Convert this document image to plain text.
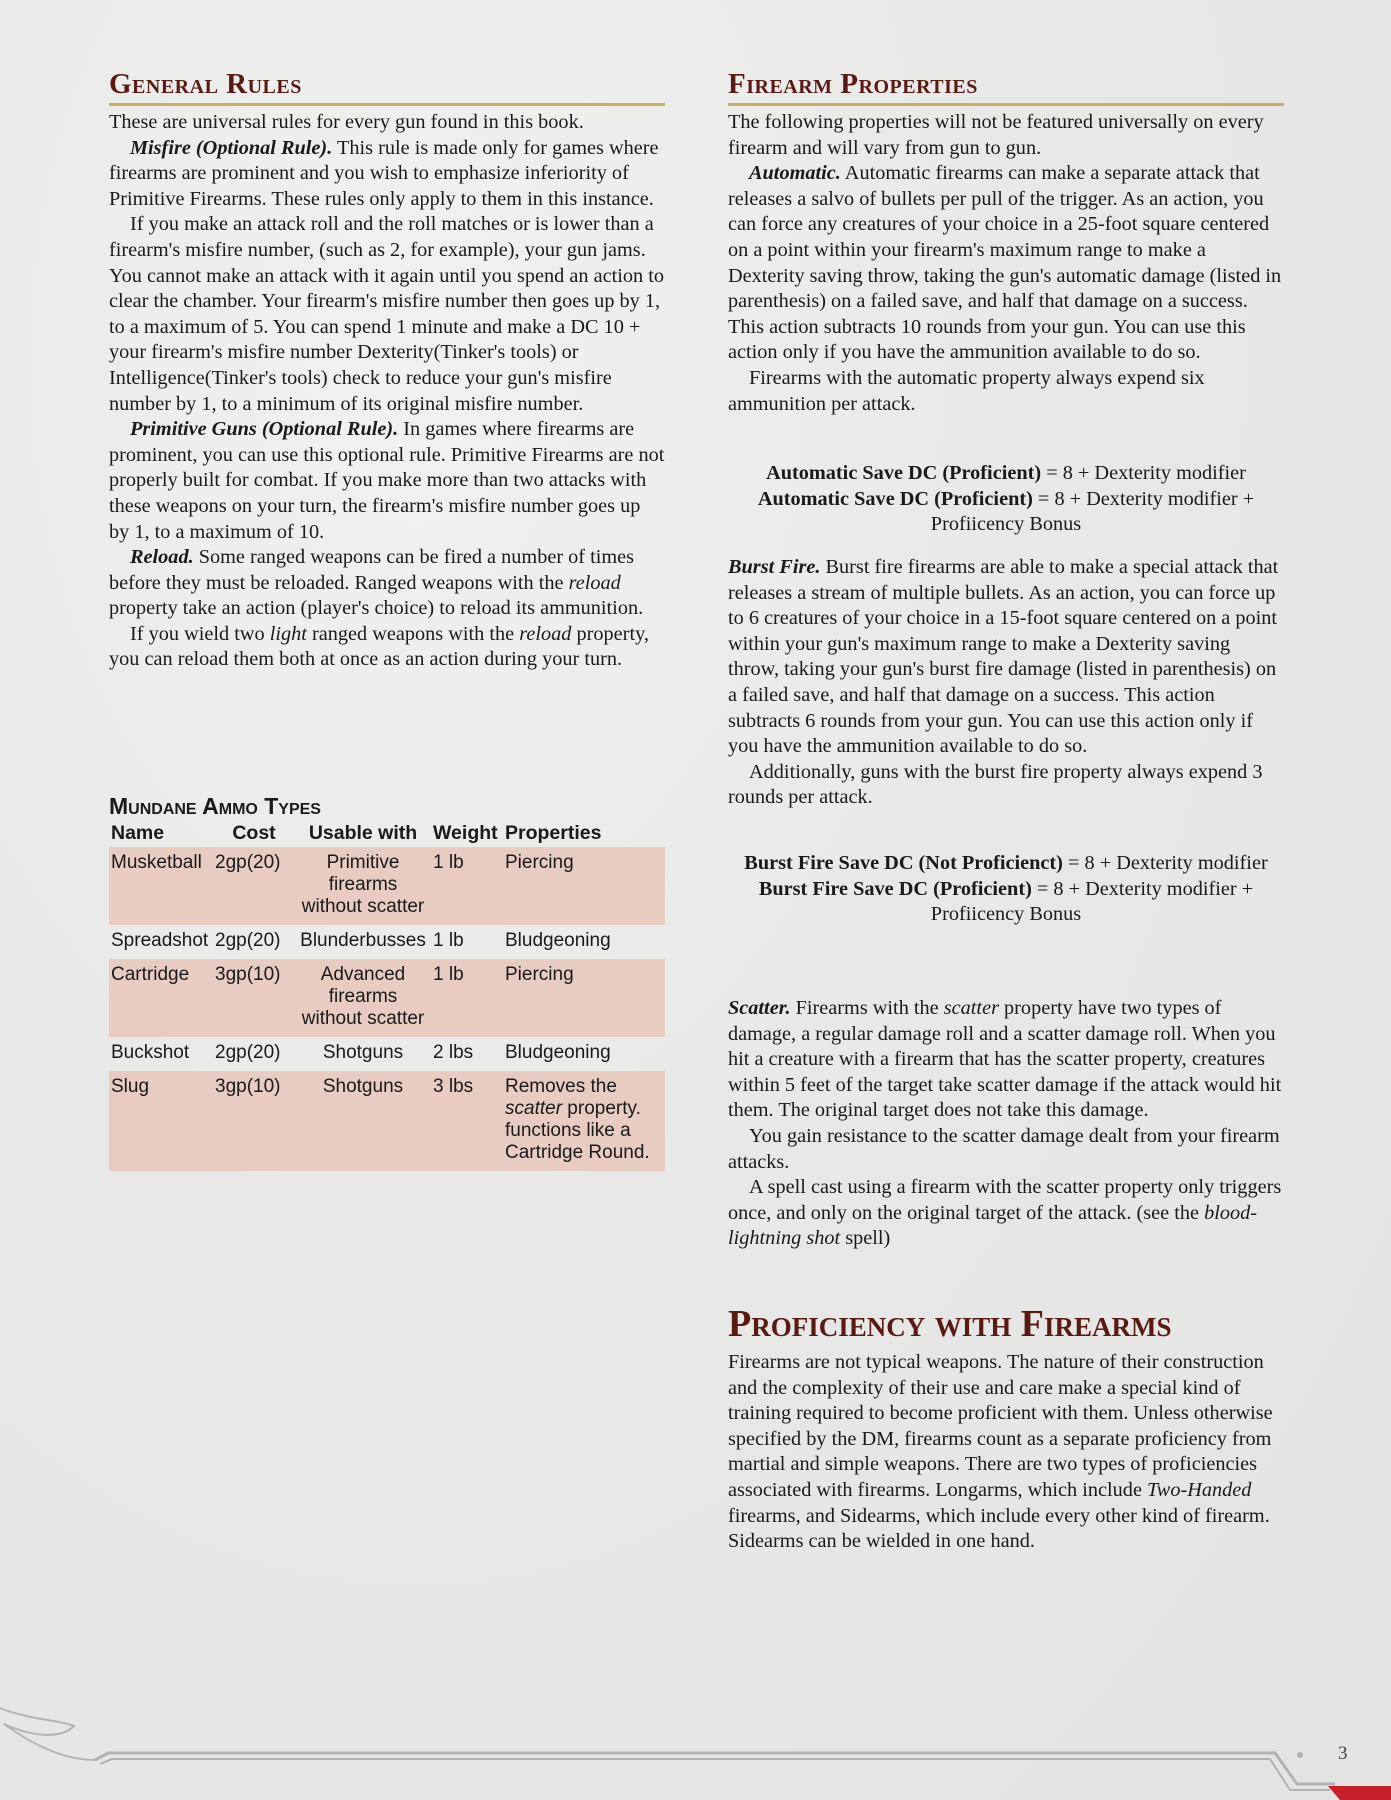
General Rules

These are universal rules for every gun found in this book.

Misfire (Optional Rule). This rule is made only for games where firearms are prominent and you wish to emphasize inferiority of Primitive Firearms. These rules only apply to them in this instance.

If you make an attack roll and the roll matches or is lower than a firearm's misfire number, (such as 2, for example), your gun jams. You cannot make an attack with it again until you spend an action to clear the chamber. Your firearm's misfire number then goes up by 1, to a maximum of 5. You can spend 1 minute and make a DC 10 + your firearm's misfire number Dexterity(Tinker's tools) or Intelligence(Tinker's tools) check to reduce your gun's misfire number by 1, to a minimum of its original misfire number.

Primitive Guns (Optional Rule). In games where firearms are prominent, you can use this optional rule. Primitive Firearms are not properly built for combat. If you make more than two attacks with these weapons on your turn, the firearm's misfire number goes up by 1, to a maximum of 10.

Reload. Some ranged weapons can be fired a number of times before they must be reloaded. Ranged weapons with the reload property take an action (player's choice) to reload its ammunition.

If you wield two light ranged weapons with the reload property, you can reload them both at once as an action during your turn.

Mundane Ammo Types
Name	Cost	Usable with	Weight	Properties
Musketball	2gp(20)	Primitive firearms without scatter	1 lb	Piercing
Spreadshot	2gp(20)	Blunderbusses	1 lb	Bludgeoning
Cartridge	3gp(10)	Advanced firearms without scatter	1 lb	Piercing
Buckshot	2gp(20)	Shotguns	2 lbs	Bludgeoning
Slug	3gp(10)	Shotguns	3 lbs	Removes the scatter property. functions like a Cartridge Round.
Firearm Properties

The following properties will not be featured universally on every firearm and will vary from gun to gun.

Automatic. Automatic firearms can make a separate attack that releases a salvo of bullets per pull of the trigger. As an action, you can force any creatures of your choice in a 25-foot square centered on a point within your firearm's maximum range to make a Dexterity saving throw, taking the gun's automatic damage (listed in parenthesis) on a failed save, and half that damage on a success. This action subtracts 10 rounds from your gun. You can use this action only if you have the ammunition available to do so.

Firearms with the automatic property always expend six ammunition per attack.

Automatic Save DC (Proficient) = 8 + Dexterity modifier

Automatic Save DC (Proficient) = 8 + Dexterity modifier + Profiicency Bonus

Burst Fire. Burst fire firearms are able to make a special attack that releases a stream of multiple bullets. As an action, you can force up to 6 creatures of your choice in a 15-foot square centered on a point within your gun's maximum range to make a Dexterity saving throw, taking your gun's burst fire damage (listed in parenthesis) on a failed save, and half that damage on a success. This action subtracts 6 rounds from your gun. You can use this action only if you have the ammunition available to do so.

Additionally, guns with the burst fire property always expend 3 rounds per attack.

Burst Fire Save DC (Not Proficienct) = 8 + Dexterity modifier

Burst Fire Save DC (Proficient) = 8 + Dexterity modifier + Profiicency Bonus

Scatter. Firearms with the scatter property have two types of damage, a regular damage roll and a scatter damage roll. When you hit a creature with a firearm that has the scatter property, creatures within 5 feet of the target take scatter damage if the attack would hit them. The original target does not take this damage.

You gain resistance to the scatter damage dealt from your firearm attacks.

A spell cast using a firearm with the scatter property only triggers once, and only on the original target of the attack. (see the blood-lightning shot spell)

Proficiency with Firearms

Firearms are not typical weapons. The nature of their construction and the complexity of their use and care make a special kind of training required to become proficient with them. Unless otherwise specified by the DM, firearms count as a separate proficiency from martial and simple weapons. There are two types of proficiencies associated with firearms. Longarms, which include Two-Handed firearms, and Sidearms, which include every other kind of firearm. Sidearms can be wielded in one hand.

3
